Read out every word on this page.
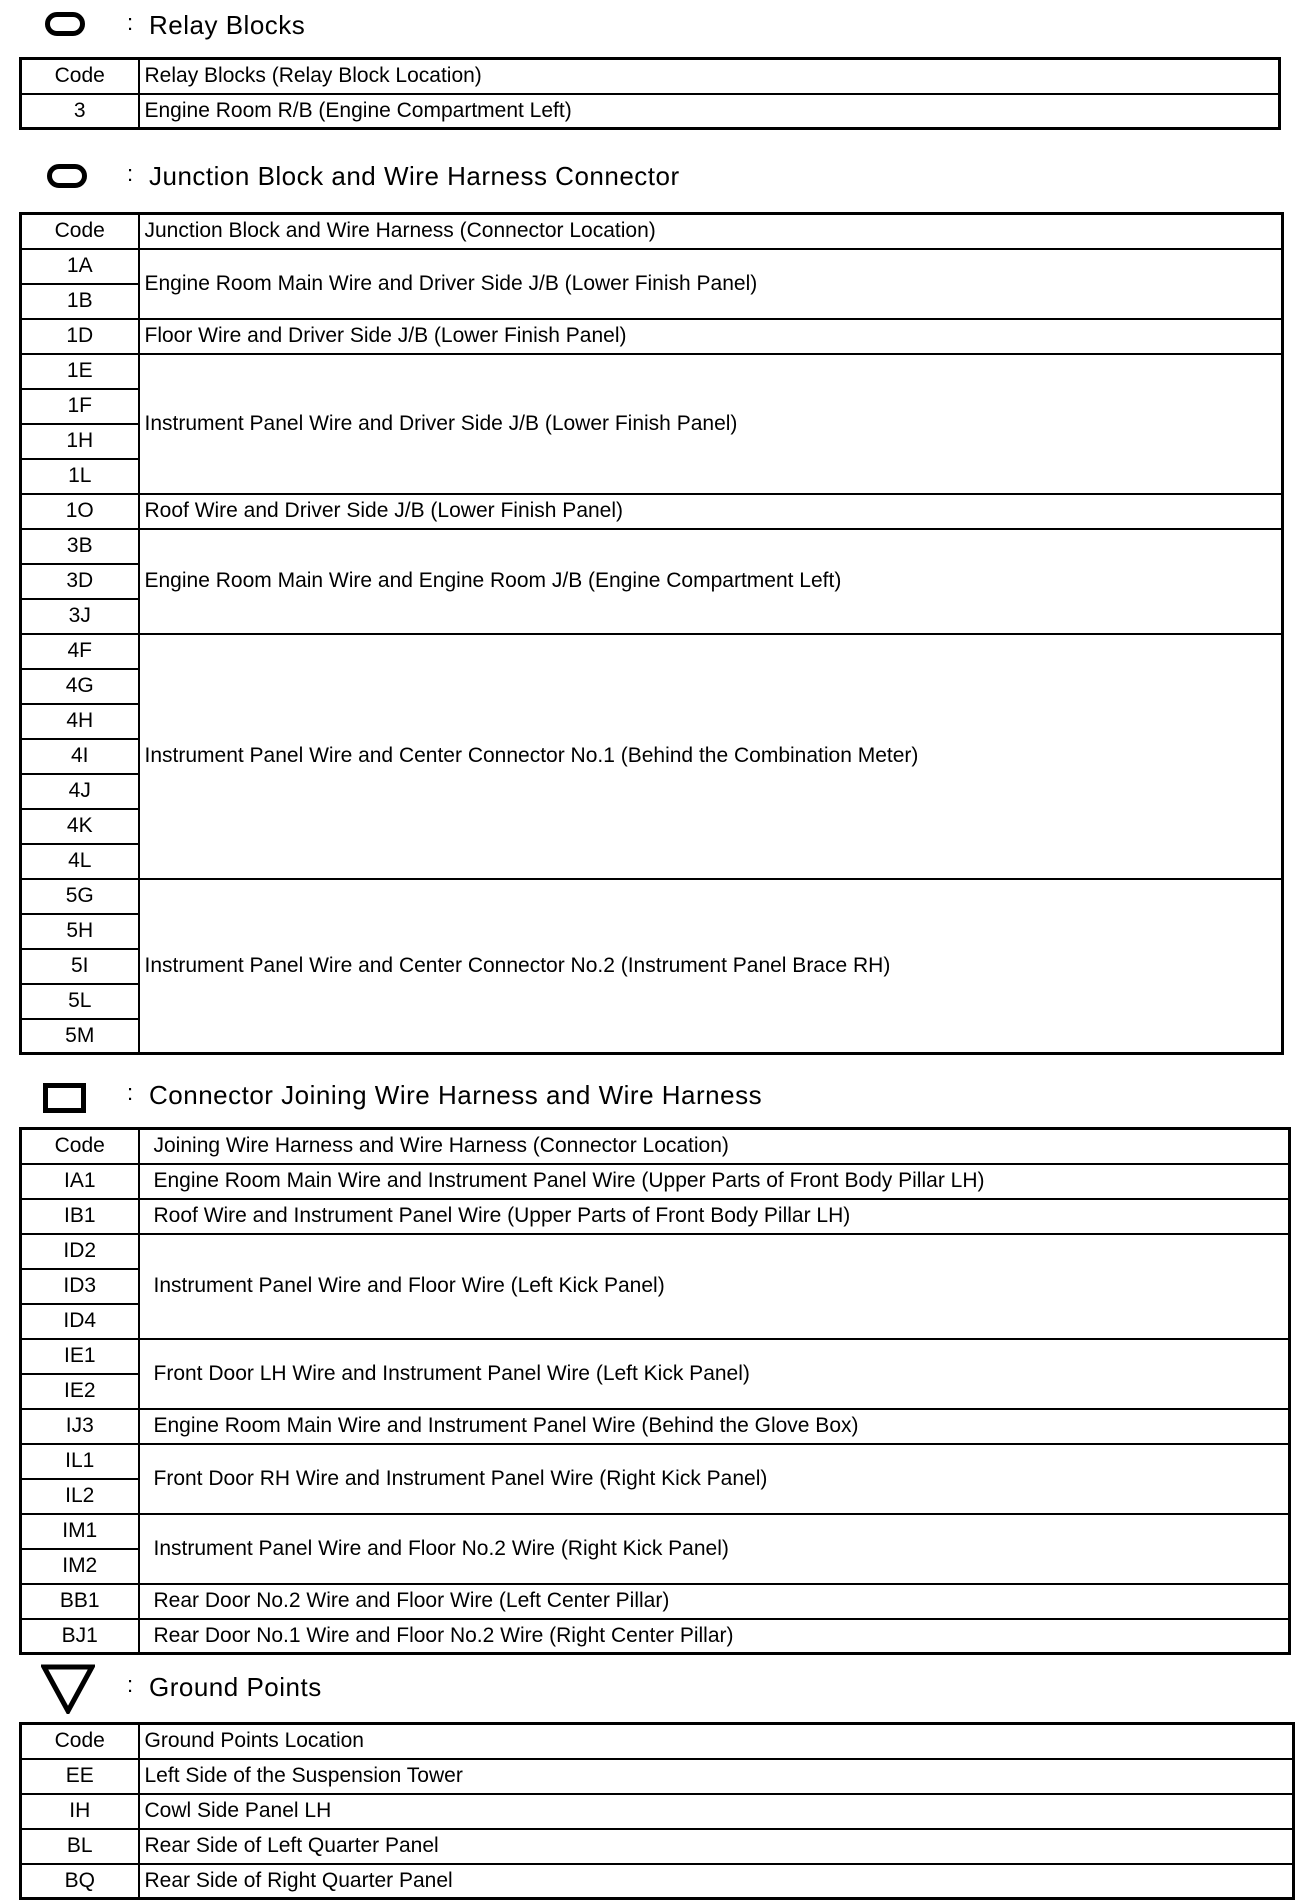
: Relay Blocks
Code	Relay Blocks (Relay Block Location)
3	Engine Room R/B (Engine Compartment Left)
: Junction Block and Wire Harness Connector
Code	Junction Block and Wire Harness (Connector Location)
1A	Engine Room Main Wire and Driver Side J/B (Lower Finish Panel)
1B	
1D	Floor Wire and Driver Side J/B (Lower Finish Panel)
1E	Instrument Panel Wire and Driver Side J/B (Lower Finish Panel)
1F	
1H	
1L	
1O	Roof Wire and Driver Side J/B (Lower Finish Panel)
3B	Engine Room Main Wire and Engine Room J/B (Engine Compartment Left)
3D	
3J	
4F	Instrument Panel Wire and Center Connector No.1 (Behind the Combination Meter)
4G	
4H	
4I	
4J	
4K	
4L	
5G	Instrument Panel Wire and Center Connector No.2 (Instrument Panel Brace RH)
5H	
5I	
5L	
5M	
: Connector Joining Wire Harness and Wire Harness
Code	Joining Wire Harness and Wire Harness (Connector Location)
IA1	Engine Room Main Wire and Instrument Panel Wire (Upper Parts of Front Body Pillar LH)
IB1	Roof Wire and Instrument Panel Wire (Upper Parts of Front Body Pillar LH)
ID2	Instrument Panel Wire and Floor Wire (Left Kick Panel)
ID3	
ID4	
IE1	Front Door LH Wire and Instrument Panel Wire (Left Kick Panel)
IE2	
IJ3	Engine Room Main Wire and Instrument Panel Wire (Behind the Glove Box)
IL1	Front Door RH Wire and Instrument Panel Wire (Right Kick Panel)
IL2	
IM1	Instrument Panel Wire and Floor No.2 Wire (Right Kick Panel)
IM2	
BB1	Rear Door No.2 Wire and Floor Wire (Left Center Pillar)
BJ1	Rear Door No.1 Wire and Floor No.2 Wire (Right Center Pillar)
: Ground Points
Code	Ground Points Location
EE	Left Side of the Suspension Tower
IH	Cowl Side Panel LH
BL	Rear Side of Left Quarter Panel
BQ	Rear Side of Right Quarter Panel
